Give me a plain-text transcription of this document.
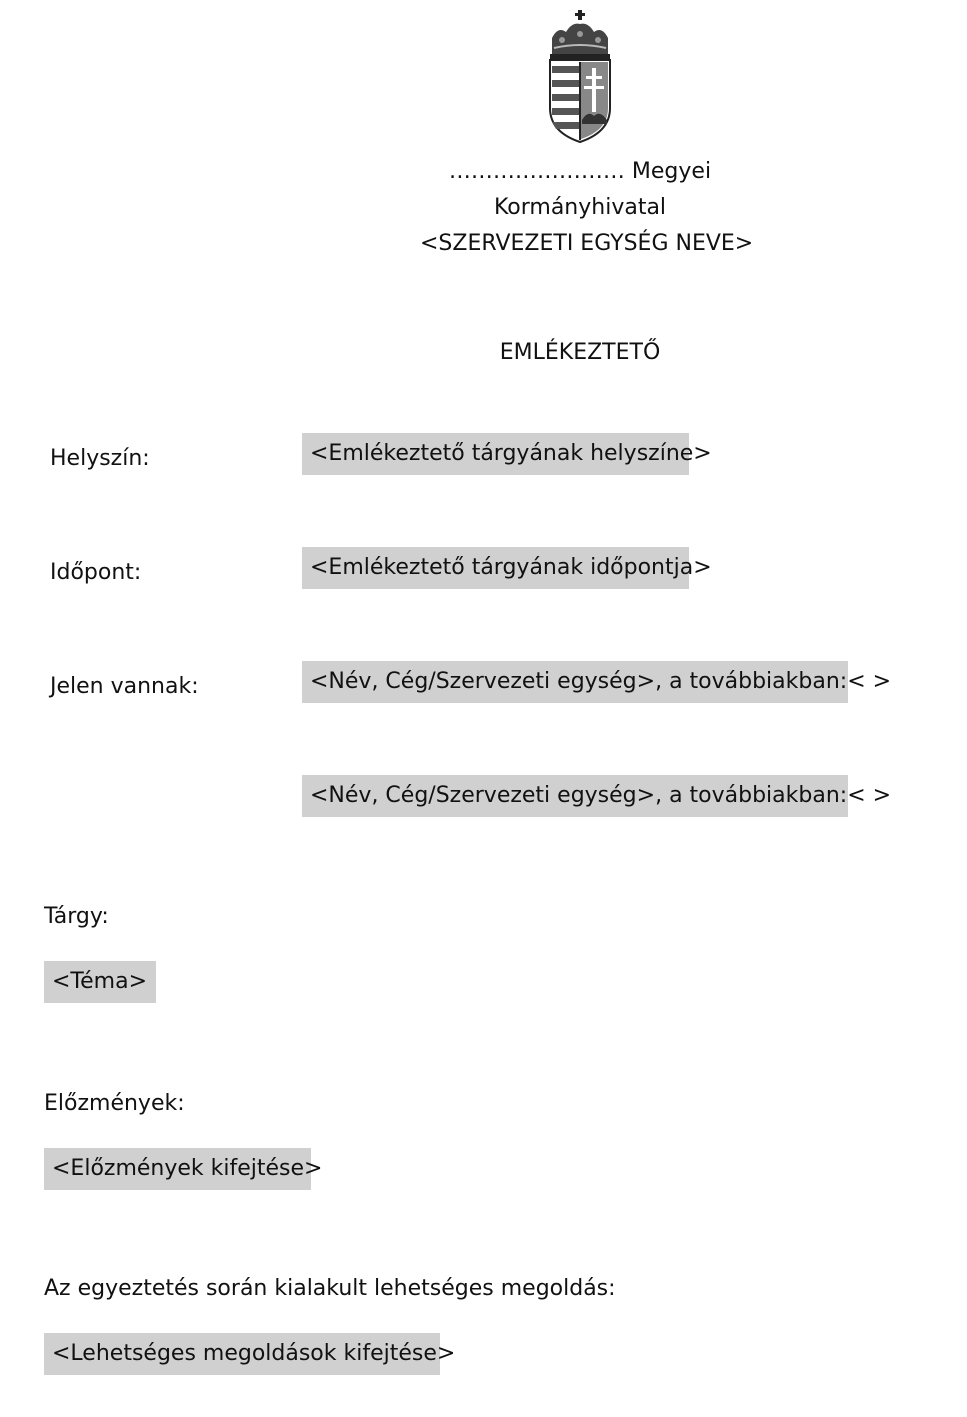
…………………… Megyei
Kormányhivatal
<SZERVEZETI EGYSÉG NEVE>
EMLÉKEZTETŐ
Helyszín:	<Emlékeztető tárgyának helyszíne>
Időpont:	<Emlékeztető tárgyának időpontja>
Jelen vannak:	<Név, Cég/Szervezeti egység>, a továbbiakban:< >
<Név, Cég/Szervezeti egység>, a továbbiakban:< >
Tárgy:
<Téma>
Előzmények:
<Előzmények kifejtése>
Az egyeztetés során kialakult lehetséges megoldás:
<Lehetséges megoldások kifejtése>
